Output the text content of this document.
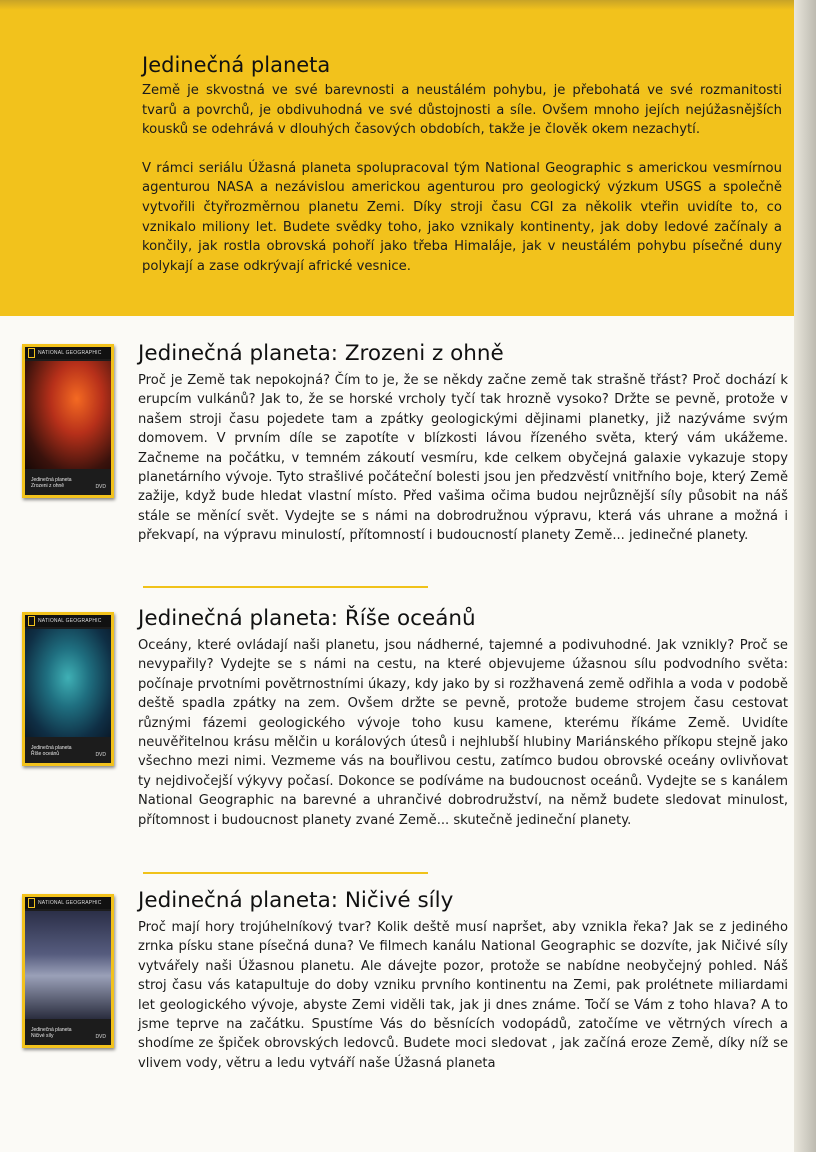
Jedinečná planeta

Země je skvostná ve své barevnosti a neustálém pohybu, je přebohatá ve své rozmanitosti tvarů a povrchů, je obdivuhodná ve své důstojnosti a síle. Ovšem mnoho jejích nejúžasnějších kousků se odehrává v dlouhých časových obdobích, takže je člověk okem nezachytí.

V rámci seriálu Úžasná planeta spolupracoval tým National Geographic s americkou vesmírnou agenturou NASA a nezávislou americkou agenturou pro geologický výzkum USGS a společně vytvořili čtyřrozměrnou planetu Zemi. Díky stroji času CGI za několik vteřin uvidíte to, co vznikalo miliony let. Budete svědky toho, jako vznikaly kontinenty, jak doby ledové začínaly a končily, jak rostla obrovská pohoří jako třeba Himaláje, jak v neustálém pohybu písečné duny polykají a zase odkrývají africké vesnice.

NATIONAL GEOGRAPHIC
Jedinečná planeta
Zrozeni z ohně	DVD
Jedinečná planeta: Zrozeni z ohně

Proč je Země tak nepokojná? Čím to je, že se někdy začne země tak strašně třást? Proč dochází k erupcím vulkánů? Jak to, že se horské vrcholy tyčí tak hrozně vysoko? Držte se pevně, protože v našem stroji času pojedete tam a zpátky geologickými dějinami planetky, již nazýváme svým domovem. V prvním díle se zapotíte v blízkosti lávou řízeného světa, který vám ukážeme. Začneme na počátku, v temném zákoutí vesmíru, kde celkem obyčejná galaxie vykazuje stopy planetárního vývoje. Tyto strašlivé počáteční bolesti jsou jen předzvěstí vnitřního boje, který Země zažije, když bude hledat vlastní místo. Před vašima očima budou nejrůznější síly působit na náš stále se měnící svět. Vydejte se s námi na dobrodružnou výpravu, která vás uhrane a možná i překvapí, na výpravu minulostí, přítomností i budoucností planety Země... jedinečné planety.

NATIONAL GEOGRAPHIC
Jedinečná planeta
Říše oceánů	DVD
Jedinečná planeta: Říše oceánů

Oceány, které ovládají naši planetu, jsou nádherné, tajemné a podivuhodné. Jak vznikly? Proč se nevypařily? Vydejte se s námi na cestu, na které objevujeme úžasnou sílu podvodního světa: počínaje prvotními povětrnostními úkazy, kdy jako by si rozžhavená země odřihla a voda v podobě deště spadla zpátky na zem. Ovšem držte se pevně, protože budeme strojem času cestovat různými fázemi geologického vývoje toho kusu kamene, kterému říkáme Země. Uvidíte neuvěřitelnou krásu mělčin u korálových útesů i nejhlubší hlubiny Mariánského příkopu stejně jako všechno mezi nimi. Vezmeme vás na bouřlivou cestu, zatímco budou obrovské oceány ovlivňovat ty nejdivočejší výkyvy počasí. Dokonce se podíváme na budoucnost oceánů. Vydejte se s kanálem National Geographic na barevné a uhrančivé dobrodružství, na němž budete sledovat minulost, přítomnost i budoucnost planety zvané Země... skutečně jedineční planety.

NATIONAL GEOGRAPHIC
Jedinečná planeta
Ničivé síly	DVD
Jedinečná planeta: Ničivé síly

Proč mají hory trojúhelníkový tvar? Kolik deště musí napršet, aby vznikla řeka? Jak se z jediného zrnka písku stane písečná duna? Ve filmech kanálu National Geographic se dozvíte, jak Ničivé síly vytvářely naši Úžasnou planetu. Ale dávejte pozor, protože se nabídne neobyčejný pohled. Náš stroj času vás katapultuje do doby vzniku prvního kontinentu na Zemi, pak prolétnete miliardami let geologického vývoje, abyste Zemi viděli tak, jak ji dnes známe. Točí se Vám z toho hlava? A to jsme teprve na začátku. Spustíme Vás do běsnících vodopádů, zatočíme ve větrných vírech a shodíme ze špiček obrovských ledovců. Budete moci sledovat , jak začíná eroze Země, díky níž se vlivem vody, větru a ledu vytváří naše Úžasná planeta
